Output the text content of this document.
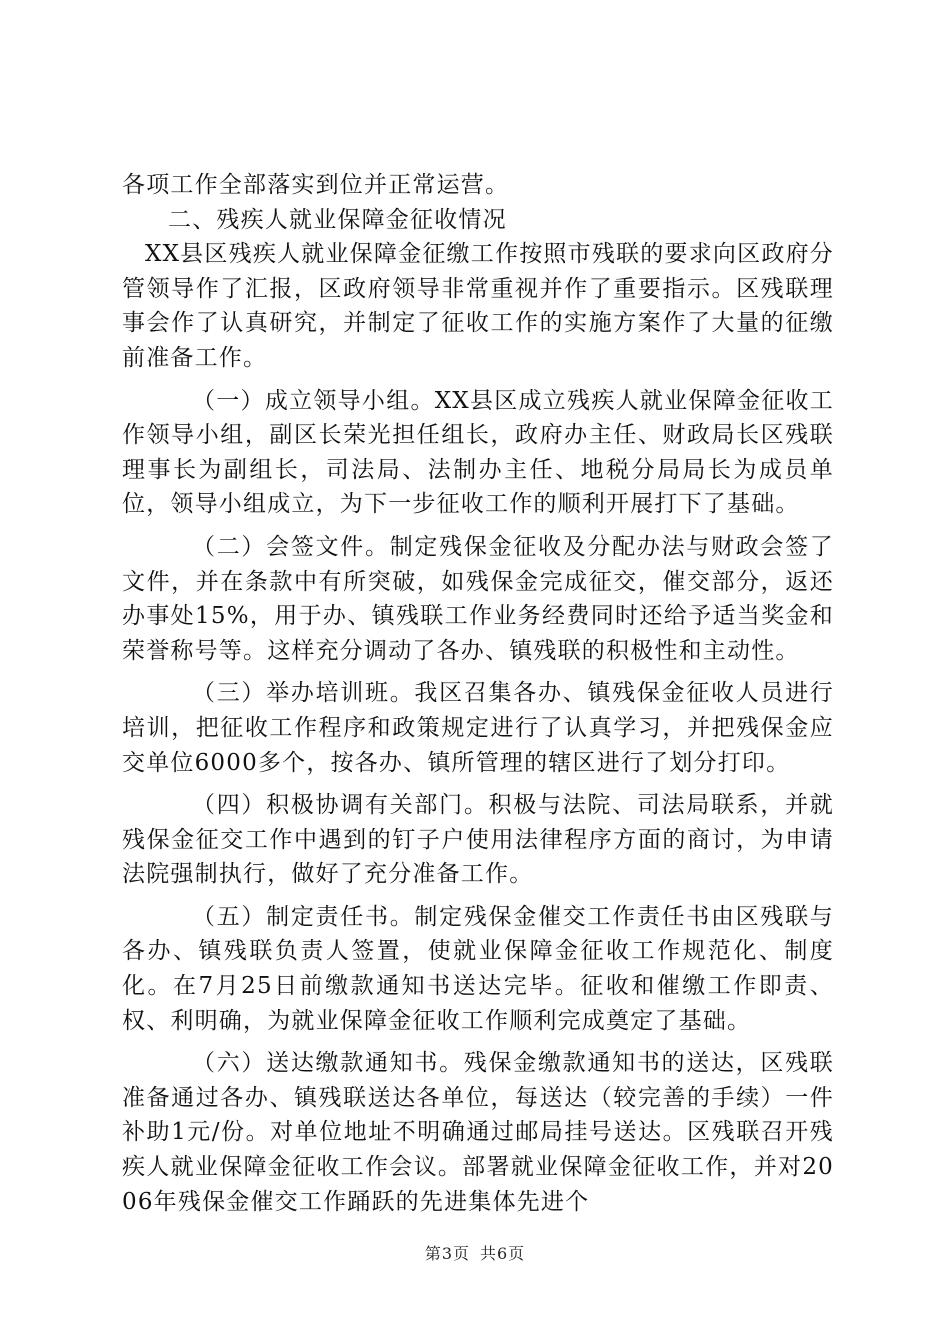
各项工作全部落实到位并正常运营。

二、残疾人就业保障金征收情况

XX县区残疾人就业保障金征缴工作按照市残联的要求向区政府分管领导作了汇报，区政府领导非常重视并作了重要指示。区残联理事会作了认真研究，并制定了征收工作的实施方案作了大量的征缴前准备工作。

（一）成立领导小组。XX县区成立残疾人就业保障金征收工作领导小组，副区长荣光担任组长，政府办主任、财政局长区残联理事长为副组长，司法局、法制办主任、地税分局局长为成员单位，领导小组成立，为下一步征收工作的顺利开展打下了基础。

（二）会签文件。制定残保金征收及分配办法与财政会签了文件，并在条款中有所突破，如残保金完成征交，催交部分，返还办事处15%，用于办、镇残联工作业务经费同时还给予适当奖金和荣誉称号等。这样充分调动了各办、镇残联的积极性和主动性。

（三）举办培训班。我区召集各办、镇残保金征收人员进行培训，把征收工作程序和政策规定进行了认真学习，并把残保金应交单位6000多个，按各办、镇所管理的辖区进行了划分打印。

（四）积极协调有关部门。积极与法院、司法局联系，并就残保金征交工作中遇到的钉子户使用法律程序方面的商讨，为申请法院强制执行，做好了充分准备工作。

（五）制定责任书。制定残保金催交工作责任书由区残联与各办、镇残联负责人签置，使就业保障金征收工作规范化、制度化。在7月25日前缴款通知书送达完毕。征收和催缴工作即责、权、利明确，为就业保障金征收工作顺利完成奠定了基础。

（六）送达缴款通知书。残保金缴款通知书的送达，区残联准备通过各办、镇残联送达各单位，每送达（较完善的手续）一件补助1元/份。对单位地址不明确通过邮局挂号送达。区残联召开残疾人就业保障金征收工作会议。部署就业保障金征收工作，并对2006年残保金催交工作踊跃的先进集体先进个

第3页 共6页
